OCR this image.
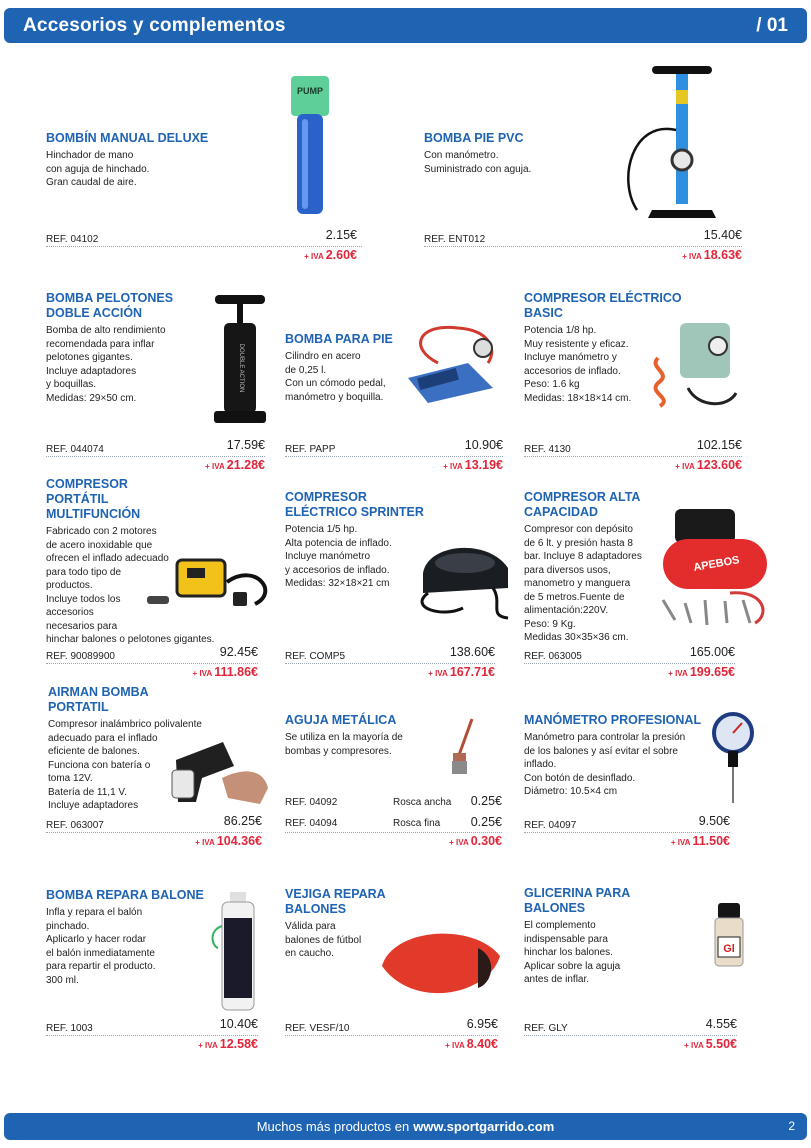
Accesorios y complementos	/ 01
BOMBÍN MANUAL DELUXE
Hinchador de mano
con aguja de hinchado.
Gran caudal de aire.
PUMP
BOMBA PIE PVC
Con manómetro.
Suministrado con aguja.
BOMBA PELOTONES
DOBLE ACCIÓN
Bomba de alto rendimiento
recomendada para inflar
pelotones gigantes.
Incluye adaptadores
y boquillas.
Medidas: 29×50 cm.
DOUBLE ACTION
BOMBA PARA PIE
Cilindro en acero
de 0,25 l.
Con un cómodo pedal,
manómetro y boquilla.
COMPRESOR ELÉCTRICO
BASIC
Potencia 1/8 hp.
Muy resistente y eficaz.
Incluye manómetro y
accesorios de inflado.
Peso: 1.6 kg
Medidas: 18×18×14 cm.
COMPRESOR
PORTÁTIL
MULTIFUNCIÓN
Fabricado con 2 motores
de acero inoxidable que
ofrecen el inflado adecuado
para todo tipo de
productos.
Incluye todos los
accesorios
necesarios para
hinchar balones o pelotones gigantes.
COMPRESOR
ELÉCTRICO SPRINTER
Potencia 1/5 hp.
Alta potencia de inflado.
Incluye manómetro
y accesorios de inflado.
Medidas: 32×18×21 cm
COMPRESOR ALTA
CAPACIDAD
Compresor con depósito
de 6 lt. y presión hasta 8
bar. Incluye 8 adaptadores
para diversos usos,
manometro y manguera
de 5 metros.Fuente de
alimentación:220V.
Peso: 9 Kg.
Medidas 30×35×36 cm.
APEBOS
AIRMAN BOMBA
PORTATIL
Compresor inalámbrico polivalente
adecuado para el inflado
eficiente de balones.
Funciona con batería o
toma 12V.
Batería de 11,1 V.
Incluye adaptadores
AGUJA METÁLICA
Se utiliza en la mayoría de
bombas y compresores.
MANÓMETRO PROFESIONAL
Manómetro para controlar la presión
de los balones y así evitar el sobre
inflado.
Con botón de desinflado.
Diámetro: 10.5×4 cm
BOMBA REPARA BALONE
Infla y repara el balón
pinchado.
Aplicarlo y hacer rodar
el balón inmediatamente
para repartir el producto.
300 ml.
VEJIGA REPARA
BALONES
Válida para
balones de fútbol
en caucho.
GLICERINA PARA
BALONES
El complemento
indispensable para
hinchar los balones.
Aplicar sobre la aguja
antes de inflar.
Gl
REF. 04102	2.15€
+ IVA 2.60€
REF. ENT012	15.40€
+ IVA 18.63€
REF. 044074	17.59€
+ IVA 21.28€
REF. PAPP	10.90€
+ IVA 13.19€
REF. 4130	102.15€
+ IVA 123.60€
REF. 90089900	92.45€
+ IVA 111.86€
REF. COMP5	138.60€
+ IVA 167.71€
REF. 063005	165.00€
+ IVA 199.65€
REF. 063007	86.25€
+ IVA 104.36€
REF. 04097	9.50€
+ IVA 11.50€
REF. 1003	10.40€
+ IVA 12.58€
REF. VESF/10	6.95€
+ IVA 8.40€
REF. GLY	4.55€
+ IVA 5.50€
REF. 04092	Rosca ancha	0.25€
REF. 04094	Rosca fina	0.25€
+ IVA 0.30€
Muchos más productos en www.sportgarrido.com	2
